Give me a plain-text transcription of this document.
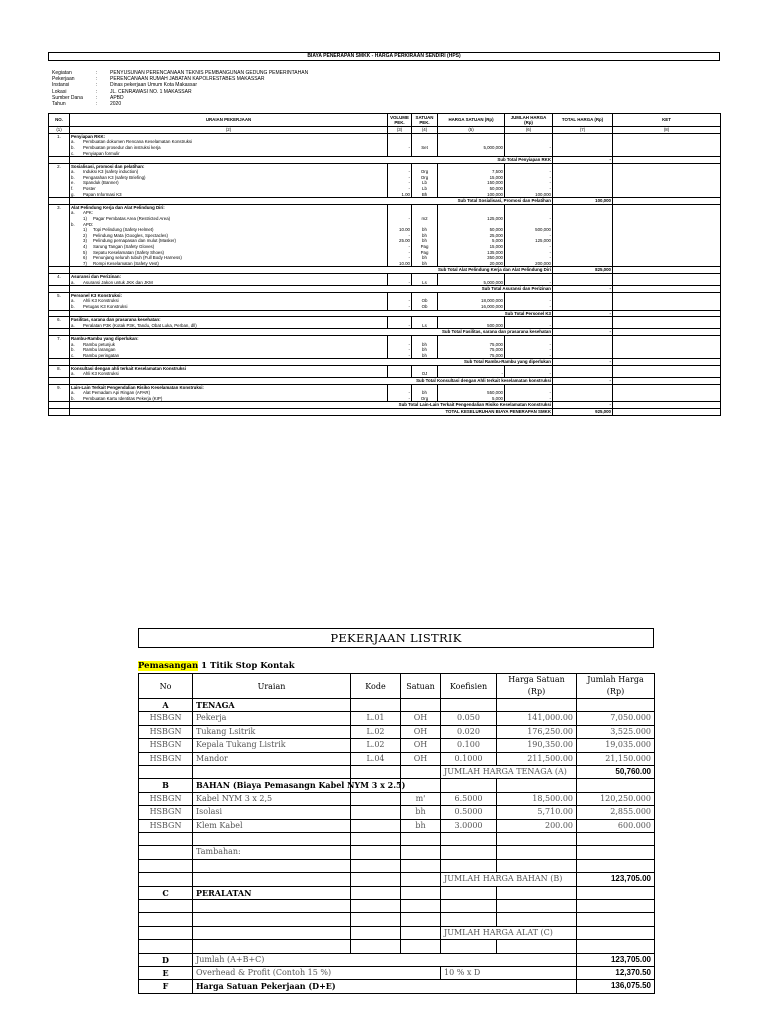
BIAYA PENERAPAN SMKK - HARGA PERKIRAAN SENDIRI (HPS)
Kegiatan	:	PENYUSUNAN PERENCANAAN TEKNIS PEMBANGUNAN GEDUNG PEMERINTAHAN
Pekerjaan	:	PERENCANAAN RUMAH JABATAN KAPOLRESTABES MAKASSAR
Instansi	:	Dinas pekerjaan Umum Kota Makassar
Lokasi	:	JL. CENRAWASI NO. 1 MAKASSAR
Sumber Dana	:	APBD
Tahun	:	2020
NO.	URAIAN PEKERJAAN	VOLUME PEK.	SATUAN PEK.	HARGA SATUAN (Rp)	JUMLAH HARGA (Rp)	TOTAL HARGA (Rp)	KET
(1)	(2)	(3)	(4)	(5)	(6)	(7)	(8)
1.	Penyiapan RKK:						
	a. Pembuatan dokumen Rencana Keselamatan Konstruksi						
	b. Pembuatan prosedur dan instruksi kerja	-	Set	5,000,000	-		
	c. Penyiapan formulir						
	Sub Total Penyiapan RKK					-	
2.	Sosialisasi, promosi dan pelatihan:						
	a. Induksi K3 (safety induction)	-	Org	7,500	-		
	b. Pengarahan K3 (safety Briefing)	-	Org	15,000	-		
	e. Spanduk (Banner)	-	Lb	150,000	-		
	f. Poster	-	Lb	50,000	-		
	g. Papan Informasi K3	1.00	Bh	100,000	100,000		
	Sub Total Sosialisasi, Promosi dan Pelatihan					100,000	
3.	Alat Pelindung Kerja dan Alat Pelindung Diri:						
	a. APK:						
	1) Pagar Pembatas Area (Restricted Area)	-	m2	125,000	-		
	b. APD:						
	1) Topi Pelindung (Safety Helmet)	10.00	bh	50,000	500,000		
	2) Pelindung Mata (Googles, Spectacles)	-	bh	25,000	-		
	3) Pelindung pernapasan dan mulut (Masker)	25.00	bh	5,000	125,000		
	4) Sarung Tangan (Safety Gloves)	-	Pag	15,000	-		
	5) Sepatu Keselamatan (Safety Shoes)	-	Pag	135,000	-		
	6) Penunjang seluruh tubuh (Full Body Harness)	-	bh	350,000	-		
	7) Rompi Keselamatan (Safety Vest)	10.00	bh	20,000	200,000		
	Sub Total Alat Pelindung Kerja dan Alat Pelindung Diri					825,000	
4.	Asuransi dan Perizinan:						
	a. Asuransi Jakon untuk JKK dan JKM	-	Ls	5,000,000	-		
	Sub Total Asuransi dan Perizinan					-	
5.	Personel K3 Konstruksi:						
	a. Ahli K3 Konstruksi	-	Ob	18,000,000	-		
	b. Petugas K3 Konstruksi	-	Ob	16,000,000	-		
	Sub Total Personel K3					-	
6.	Fasilitas, sarana dan prasarana kesehatan:						
	a. Peralatan P3K (Kotak P3K, Tandu, Obat Luka, Perban, dll)	-	Ls	500,000	-		
	Sub Total Fasilitas, sarana dan prasarana kesehatan					-	
7.	Rambu-Rambu yang diperlukan:						
	a. Rambu petunjuk	-	bh	75,000	-		
	b. Rambu larangan	-	bh	75,000	-		
	c. Rambu peringatan	-	bh	75,000	-		
	Sub Total Rambu-Rambu yang diperlukan					-	
8.	Konsultasi dengan ahli terkait Keselamatan Konstruksi						
	a. Ahli K3 Konstruksi		OJ	-	-		
	Sub Total Konsultasi dengan Ahli terkait keselamatan konstruksi					-	
9.	Lain-Lain Terkait Pengendalian Risiko Keselamatan Konstruksi:						
	a. Alat Pemadam Api Ringan (APAR)	-	bh	550,000	-		
	b. Pembuatan Kartu Identitas Pekerja (KIP)	-	Org	5,000	-		
	Sub Total Lain-Lain Terkait Pengendalian Risiko Keselamatan Konstruksi					-	
	TOTAL KESELURUHAN BIAYA PENERAPAN SMKK					925,000	
PEKERJAAN LISTRIK
Pemasangan 1 Titik Stop Kontak
No	Uraian	Kode	Satuan	Koefisien	Harga Satuan (Rp)	Jumlah Harga (Rp)
A	TENAGA					
HSBGN	Pekerja	L.01	OH	0.050	141,000.00	7,050.000
HSBGN	Tukang Lsitrik	L.02	OH	0.020	176,250.00	3,525.000
HSBGN	Kepala Tukang Listrik	L.02	OH	0.100	190,350.00	19,035.000
HSBGN	Mandor	L.04	OH	0.1000	211,500.00	21,150.000
				JUMLAH HARGA TENAGA (A)		50,760.00
B	BAHAN (Biaya Pemasangn Kabel NYM 3 x 2.5)					
HSBGN	Kabel NYM 3 x 2,5		m'	6.5000	18,500.00	120,250.000
HSBGN	Isolasi		bh	0.5000	5,710.00	2,855.000
HSBGN	Klem Kabel		bh	3.0000	200.00	600.000

	Tambahan:					

				JUMLAH HARGA BAHAN (B)		123,705.00
C	PERALATAN					

				JUMLAH HARGA ALAT (C)		

D	Jumlah (A+B+C)					123,705.00
E	Overhead & Profit (Contoh 15 %)			10 % x D		12,370.50
F	Harga Satuan Pekerjaan (D+E)					136,075.50
